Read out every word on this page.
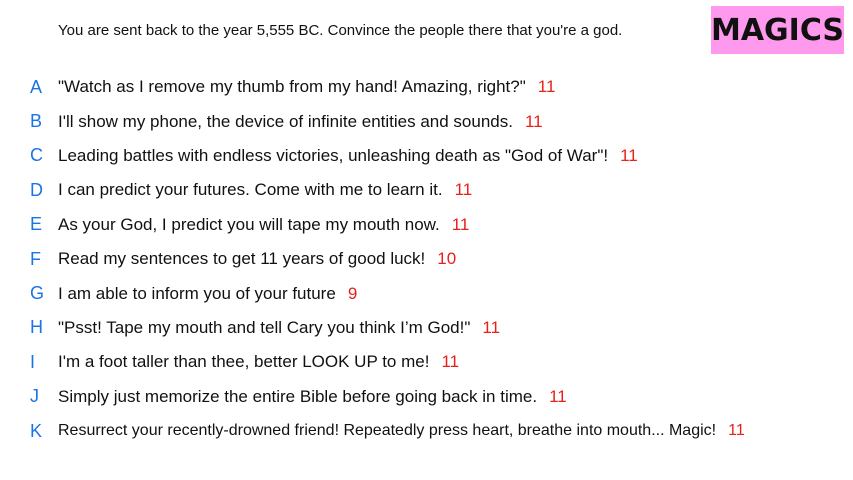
You are sent back to the year 5,555 BC. Convince the people there that you're a god.	MAGICS
A "Watch as I remove my thumb from my hand! Amazing, right?" 11
B I'll show my phone, the device of infinite entities and sounds. 11
C Leading battles with endless victories, unleashing death as "God of War"! 11
D I can predict your futures. Come with me to learn it. 11
E As your God, I predict you will tape my mouth now. 11
F	Read my sentences to get 11 years of good luck! 10
G I am able to inform you of your future 9
H "Psst! Tape my mouth and tell Cary you think I’m God!" 11
I	I'm a foot taller than thee, better LOOK UP to me! 11
J	Simply just memorize the entire Bible before going back in time. 11
K Resurrect your recently-drowned friend! Repeatedly press heart, breathe into mouth... Magic! 11
